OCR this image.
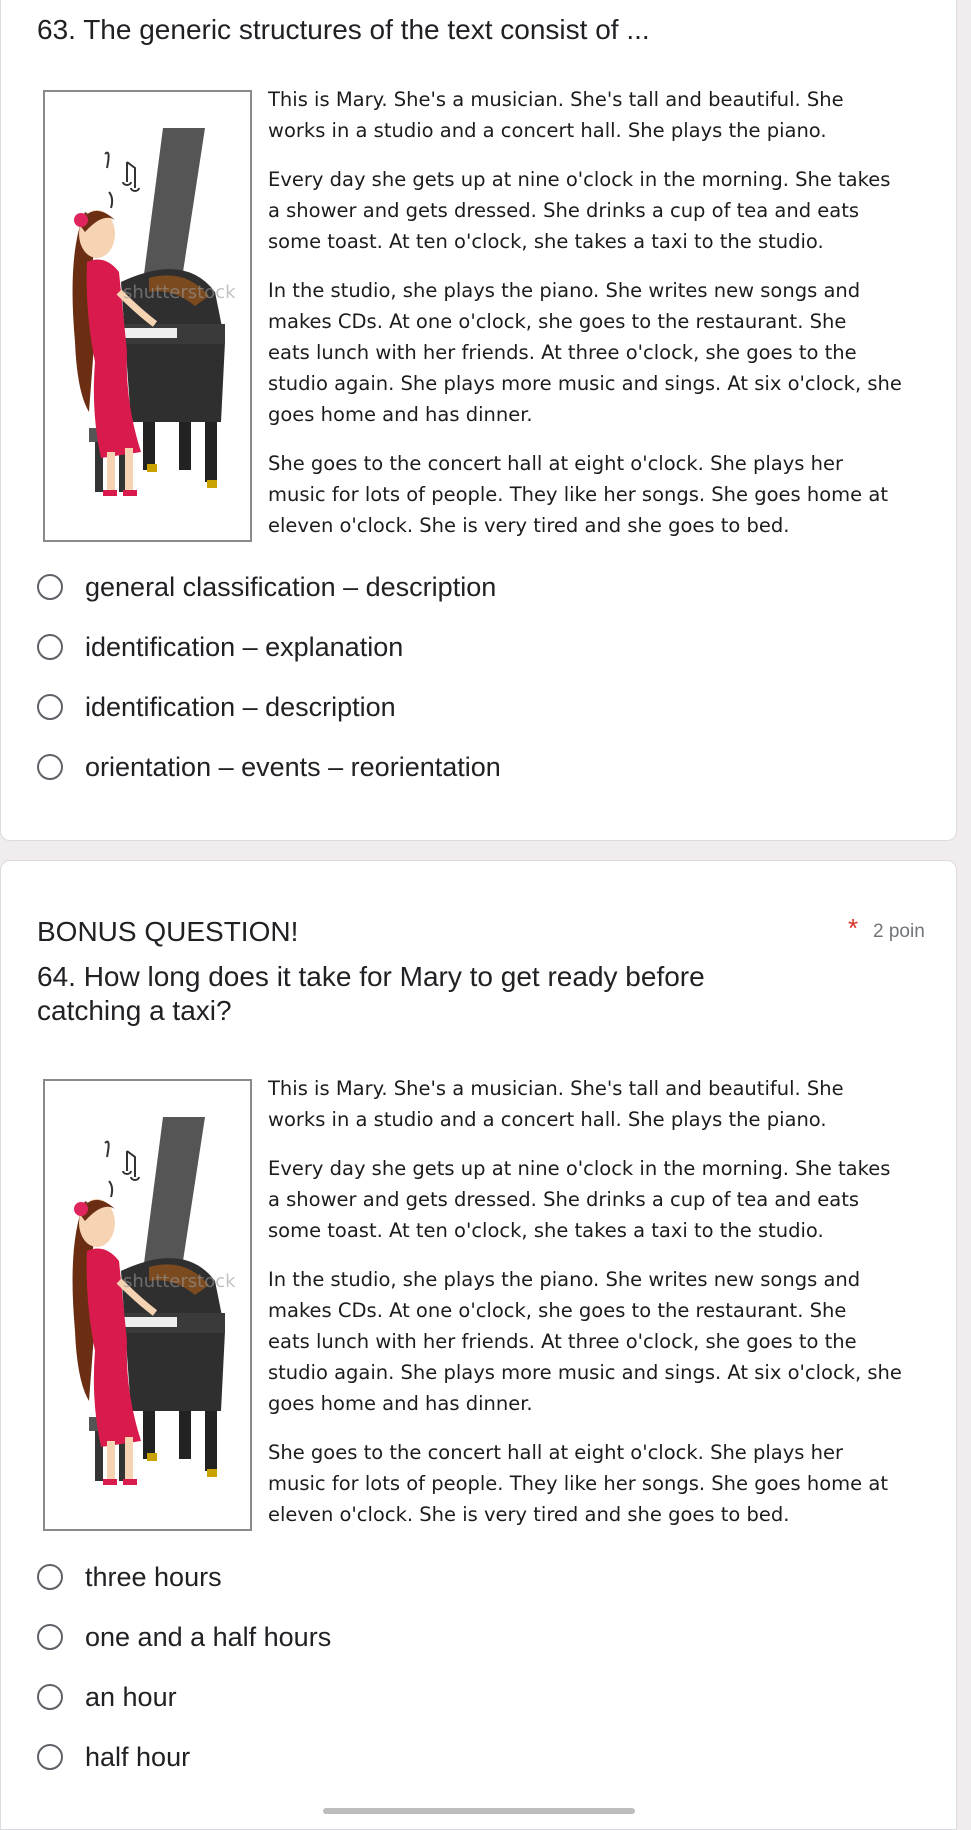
63. The generic structures of the text consist of ...
shutterstock

This is Mary. She's a musician. She's tall and beautiful. She
works in a studio and a concert hall. She plays the piano.

Every day she gets up at nine o'clock in the morning. She takes
a shower and gets dressed. She drinks a cup of tea and eats
some toast. At ten o'clock, she takes a taxi to the studio.

In the studio, she plays the piano. She writes new songs and
makes CDs. At one o'clock, she goes to the restaurant. She
eats lunch with her friends. At three o'clock, she goes to the
studio again. She plays more music and sings. At six o'clock, she
goes home and has dinner.

She goes to the concert hall at eight o'clock. She plays her
music for lots of people. They like her songs. She goes home at
eleven o'clock. She is very tired and she goes to bed.

general classification – description
identification – explanation
identification – description
orientation – events – reorientation
BONUS QUESTION!	* 2 poin
64. How long does it take for Mary to get ready before
catching a taxi?
shutterstock

This is Mary. She's a musician. She's tall and beautiful. She
works in a studio and a concert hall. She plays the piano.

Every day she gets up at nine o'clock in the morning. She takes
a shower and gets dressed. She drinks a cup of tea and eats
some toast. At ten o'clock, she takes a taxi to the studio.

In the studio, she plays the piano. She writes new songs and
makes CDs. At one o'clock, she goes to the restaurant. She
eats lunch with her friends. At three o'clock, she goes to the
studio again. She plays more music and sings. At six o'clock, she
goes home and has dinner.

She goes to the concert hall at eight o'clock. She plays her
music for lots of people. They like her songs. She goes home at
eleven o'clock. She is very tired and she goes to bed.

three hours
one and a half hours
an hour
half hour
